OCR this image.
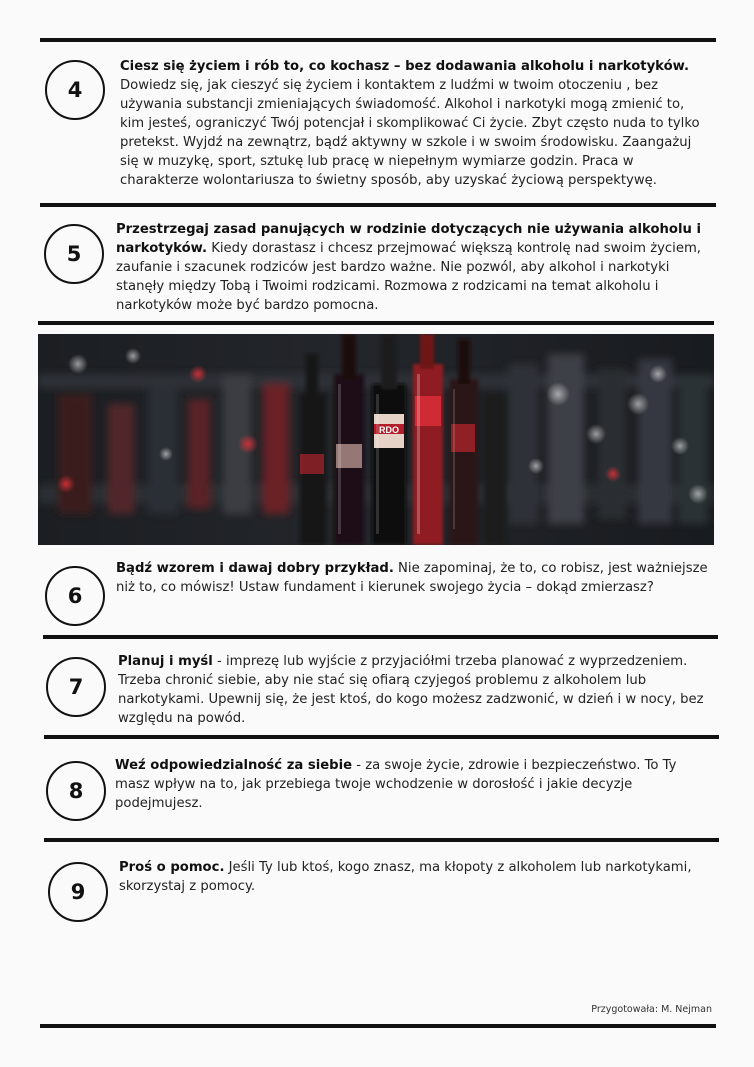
4
Ciesz się życiem i rób to, co kochasz – bez dodawania alkoholu i narkotyków. Dowiedz się, jak cieszyć się życiem i kontaktem z ludźmi w twoim otoczeniu , bez używania substancji zmieniających świadomość. Alkohol i narkotyki mogą zmienić to, kim jesteś, ograniczyć Twój potencjał i skomplikować Ci życie. Zbyt często nuda to tylko pretekst. Wyjdź na zewnątrz, bądź aktywny w szkole i w swoim środowisku. Zaangażuj się w muzykę, sport, sztukę lub pracę w niepełnym wymiarze godzin. Praca w charakterze wolontariusza to świetny sposób, aby uzyskać życiową perspektywę.
5
Przestrzegaj zasad panujących w rodzinie dotyczących nie używania alkoholu i narkotyków. Kiedy dorastasz i chcesz przejmować większą kontrolę nad swoim życiem, zaufanie i szacunek rodziców jest bardzo ważne. Nie pozwól, aby alkohol i narkotyki stanęły między Tobą i Twoimi rodzicami. Rozmowa z rodzicami na temat alkoholu i narkotyków może być bardzo pomocna.
RDO
6
Bądź wzorem i dawaj dobry przykład. Nie zapominaj, że to, co robisz, jest ważniejsze niż to, co mówisz! Ustaw fundament i kierunek swojego życia – dokąd zmierzasz?
7
Planuj i myśl - imprezę lub wyjście z przyjaciółmi trzeba planować z wyprzedzeniem. Trzeba chronić siebie, aby nie stać się ofiarą czyjegoś problemu z alkoholem lub narkotykami. Upewnij się, że jest ktoś, do kogo możesz zadzwonić, w dzień i w nocy, bez względu na powód.
8
Weź odpowiedzialność za siebie - za swoje życie, zdrowie i bezpieczeństwo. To Ty masz wpływ na to, jak przebiega twoje wchodzenie w dorosłość i jakie decyzje podejmujesz.
9
Proś o pomoc. Jeśli Ty lub ktoś, kogo znasz, ma kłopoty z alkoholem lub narkotykami, skorzystaj z pomocy.
Przygotowała: M. Nejman
